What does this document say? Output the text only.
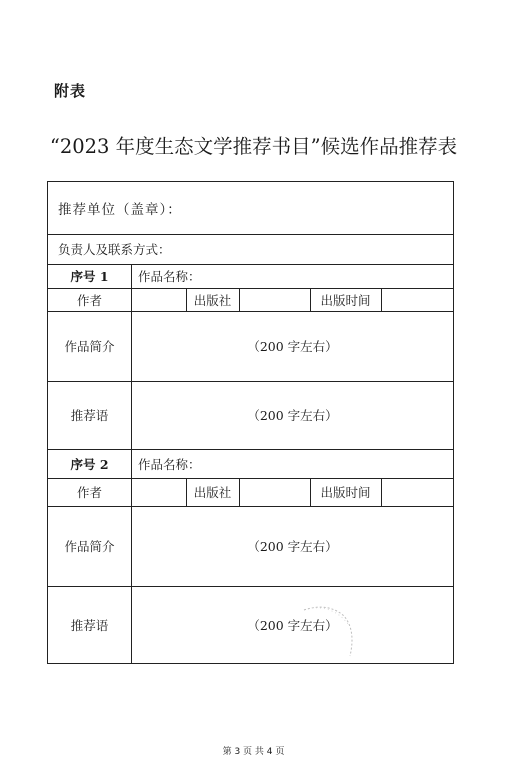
附表
“2023 年度生态文学推荐书目”候选作品推荐表
推荐单位（盖章）：
负责人及联系方式：
序号 1	作品名称：
作者	出版社	出版时间
作品简介	（200 字左右）
推荐语	（200 字左右）
序号 2	作品名称：
作者	出版社	出版时间
作品简介	（200 字左右）
推荐语	（200 字左右）
第 3 页 共 4 页
